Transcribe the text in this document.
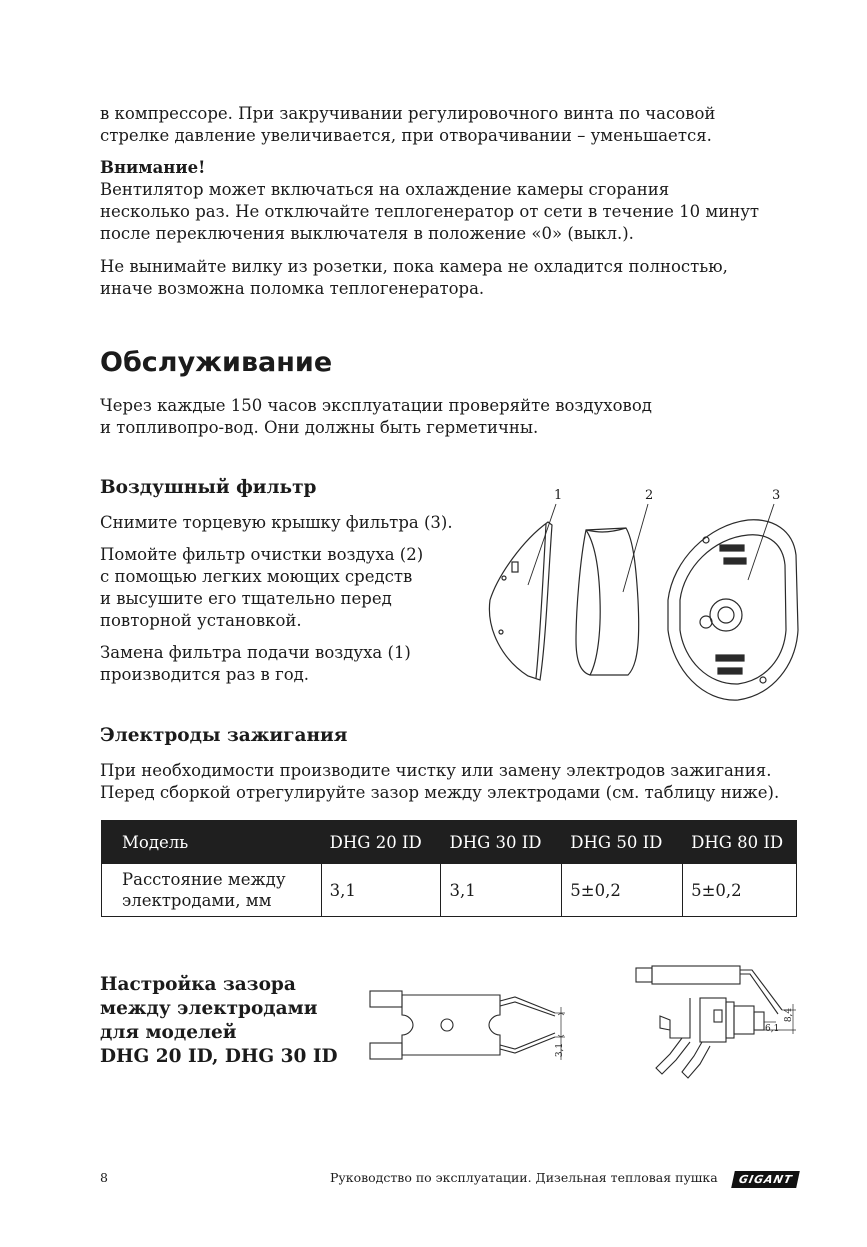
в компрессоре. При закручивании регулировочного винта по часовой

стрелке давление увеличивается, при отворачивании – уменьшается.

Внимание!

Вентилятор может включаться на охлаждение камеры сгорания

несколько раз. Не отключайте теплогенератор от сети в течение 10 минут

после переключения выключателя в положение «0» (выкл.).

Не вынимайте вилку из розетки, пока камера не охладится полностью,

иначе возможна поломка теплогенератора.

Обслуживание

Через каждые 150 часов эксплуатации проверяйте воздуховод

и топливопро-вод. Они должны быть герметичны.

Воздушный фильтр

Снимите торцевую крышку фильтра (3).

Помойте фильтр очистки воздуха (2)

с помощью легких моющих средств

и высушите его тщательно перед

повторной установкой.

Замена фильтра подачи воздуха (1)

производится раз в год.

1	2	3
Электроды зажигания

При необходимости производите чистку или замену электродов зажигания.

Перед сборкой отрегулируйте зазор между электродами (см. таблицу ниже).

Модель	DHG 20 ID	DHG 30 ID	DHG 50 ID	DHG 80 ID
Расстояние между
электродами, мм	3,1	3,1	5±0,2	5±0,2
Настройка зазора
между электродами
для моделей
DHG 20 ID, DHG 30 ID	3,1
8,4
6,1
8	Руководство по эксплуатации. Дизельная тепловая пушка	GIGANT
